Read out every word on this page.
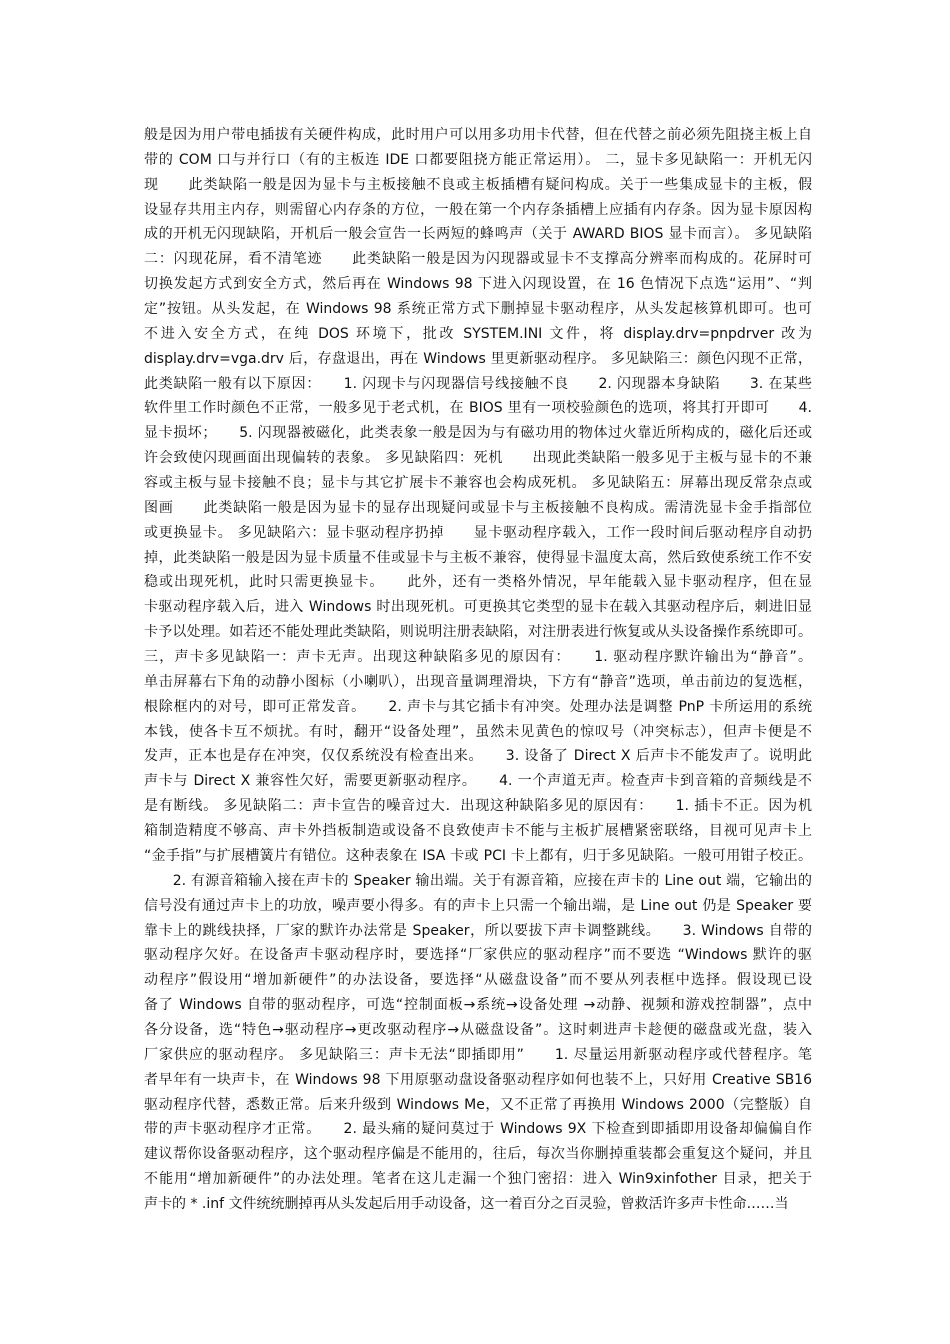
般是因为用户带电插拔有关硬件构成，此时用户可以用多功用卡代替，但在代替之前必须先阻挠主板上自
带的 COM 口与并行口（有的主板连 IDE 口都要阻挠方能正常运用）。 二，显卡多见缺陷一：开机无闪
现　　此类缺陷一般是因为显卡与主板接触不良或主板插槽有疑问构成。关于一些集成显卡的主板，假
设显存共用主内存，则需留心内存条的方位，一般在第一个内存条插槽上应插有内存条。因为显卡原因构
成的开机无闪现缺陷，开机后一般会宣告一长两短的蜂鸣声（关于 AWARD BIOS 显卡而言）。 多见缺陷
二：闪现花屏，看不清笔迹　　此类缺陷一般是因为闪现器或显卡不支撑高分辨率而构成的。花屏时可
切换发起方式到安全方式，然后再在 Windows 98 下进入闪现设置，在 16 色情况下点选“运用”、“判
定”按钮。从头发起，在 Windows 98 系统正常方式下删掉显卡驱动程序，从头发起核算机即可。也可
不进入安全方式，在纯 DOS 环境下，批改 SYSTEM.INI 文件，将 display.drv=pnpdrver 改为
display.drv=vga.drv 后，存盘退出，再在 Windows 里更新驱动程序。 多见缺陷三：颜色闪现不正常，
此类缺陷一般有以下原因：　　1. 闪现卡与闪现器信号线接触不良　　2. 闪现器本身缺陷　　3. 在某些
软件里工作时颜色不正常，一般多见于老式机，在 BIOS 里有一项校验颜色的选项，将其打开即可　　4.
显卡损坏；　　5. 闪现器被磁化，此类表象一般是因为与有磁功用的物体过火靠近所构成的，磁化后还或
许会致使闪现画面出现偏转的表象。 多见缺陷四：死机　　出现此类缺陷一般多见于主板与显卡的不兼
容或主板与显卡接触不良；显卡与其它扩展卡不兼容也会构成死机。 多见缺陷五：屏幕出现反常杂点或
图画　　此类缺陷一般是因为显卡的显存出现疑问或显卡与主板接触不良构成。需清洗显卡金手指部位
或更换显卡。 多见缺陷六：显卡驱动程序扔掉　　显卡驱动程序载入，工作一段时间后驱动程序自动扔
掉，此类缺陷一般是因为显卡质量不佳或显卡与主板不兼容，使得显卡温度太高，然后致使系统工作不安
稳或出现死机，此时只需更换显卡。　　此外，还有一类格外情况，早年能载入显卡驱动程序，但在显
卡驱动程序载入后，进入 Windows 时出现死机。可更换其它类型的显卡在载入其驱动程序后，刺进旧显
卡予以处理。如若还不能处理此类缺陷，则说明注册表缺陷，对注册表进行恢复或从头设备操作系统即可。
三，声卡多见缺陷一：声卡无声。出现这种缺陷多见的原因有：　　1. 驱动程序默许输出为“静音”。
单击屏幕右下角的动静小图标（小喇叭），出现音量调理滑块，下方有“静音”选项，单击前边的复选框，
根除框内的对号，即可正常发音。　　2. 声卡与其它插卡有冲突。处理办法是调整 PnP 卡所运用的系统
本钱，使各卡互不烦扰。有时，翻开“设备处理”，虽然未见黄色的惊叹号（冲突标志），但声卡便是不
发声，正本也是存在冲突，仅仅系统没有检查出来。　　3. 设备了 Direct X 后声卡不能发声了。说明此
声卡与 Direct X 兼容性欠好，需要更新驱动程序。　　4. 一个声道无声。检查声卡到音箱的音频线是不
是有断线。 多见缺陷二：声卡宣告的噪音过大．出现这种缺陷多见的原因有：　　1. 插卡不正。因为机
箱制造精度不够高、声卡外挡板制造或设备不良致使声卡不能与主板扩展槽紧密联络，目视可见声卡上
“金手指”与扩展槽簧片有错位。这种表象在 ISA 卡或 PCI 卡上都有，归于多见缺陷。一般可用钳子校正。
　　2. 有源音箱输入接在声卡的 Speaker 输出端。关于有源音箱，应接在声卡的 Line out 端，它输出的
信号没有通过声卡上的功放，噪声要小得多。有的声卡上只需一个输出端，是 Line out 仍是 Speaker 要
靠卡上的跳线抉择，厂家的默许办法常是 Speaker，所以要拔下声卡调整跳线。　　3. Windows 自带的
驱动程序欠好。在设备声卡驱动程序时，要选择“厂家供应的驱动程序”而不要选 “Windows 默许的驱
动程序”假设用“增加新硬件”的办法设备，要选择“从磁盘设备”而不要从列表框中选择。假设现已设
备了 Windows 自带的驱动程序，可选“控制面板→系统→设备处理 →动静、视频和游戏控制器”，点中
各分设备，选“特色→驱动程序→更改驱动程序→从磁盘设备”。这时刺进声卡趁便的磁盘或光盘，装入
厂家供应的驱动程序。 多见缺陷三：声卡无法“即插即用”　　1. 尽量运用新驱动程序或代替程序。笔
者早年有一块声卡，在 Windows 98 下用原驱动盘设备驱动程序如何也装不上，只好用 Creative SB16
驱动程序代替，悉数正常。后来升级到 Windows Me，又不正常了再换用 Windows 2000（完整版）自
带的声卡驱动程序才正常。　　2. 最头痛的疑问莫过于 Windows 9X 下检查到即插即用设备却偏偏自作
建议帮你设备驱动程序，这个驱动程序偏是不能用的，往后，每次当你删掉重装都会重复这个疑问，并且
不能用“增加新硬件”的办法处理。笔者在这儿走漏一个独门密招：进入 Win9xinfother 目录，把关于
声卡的 * .inf 文件统统删掉再从头发起后用手动设备，这一着百分之百灵验，曾救活许多声卡性命……当
